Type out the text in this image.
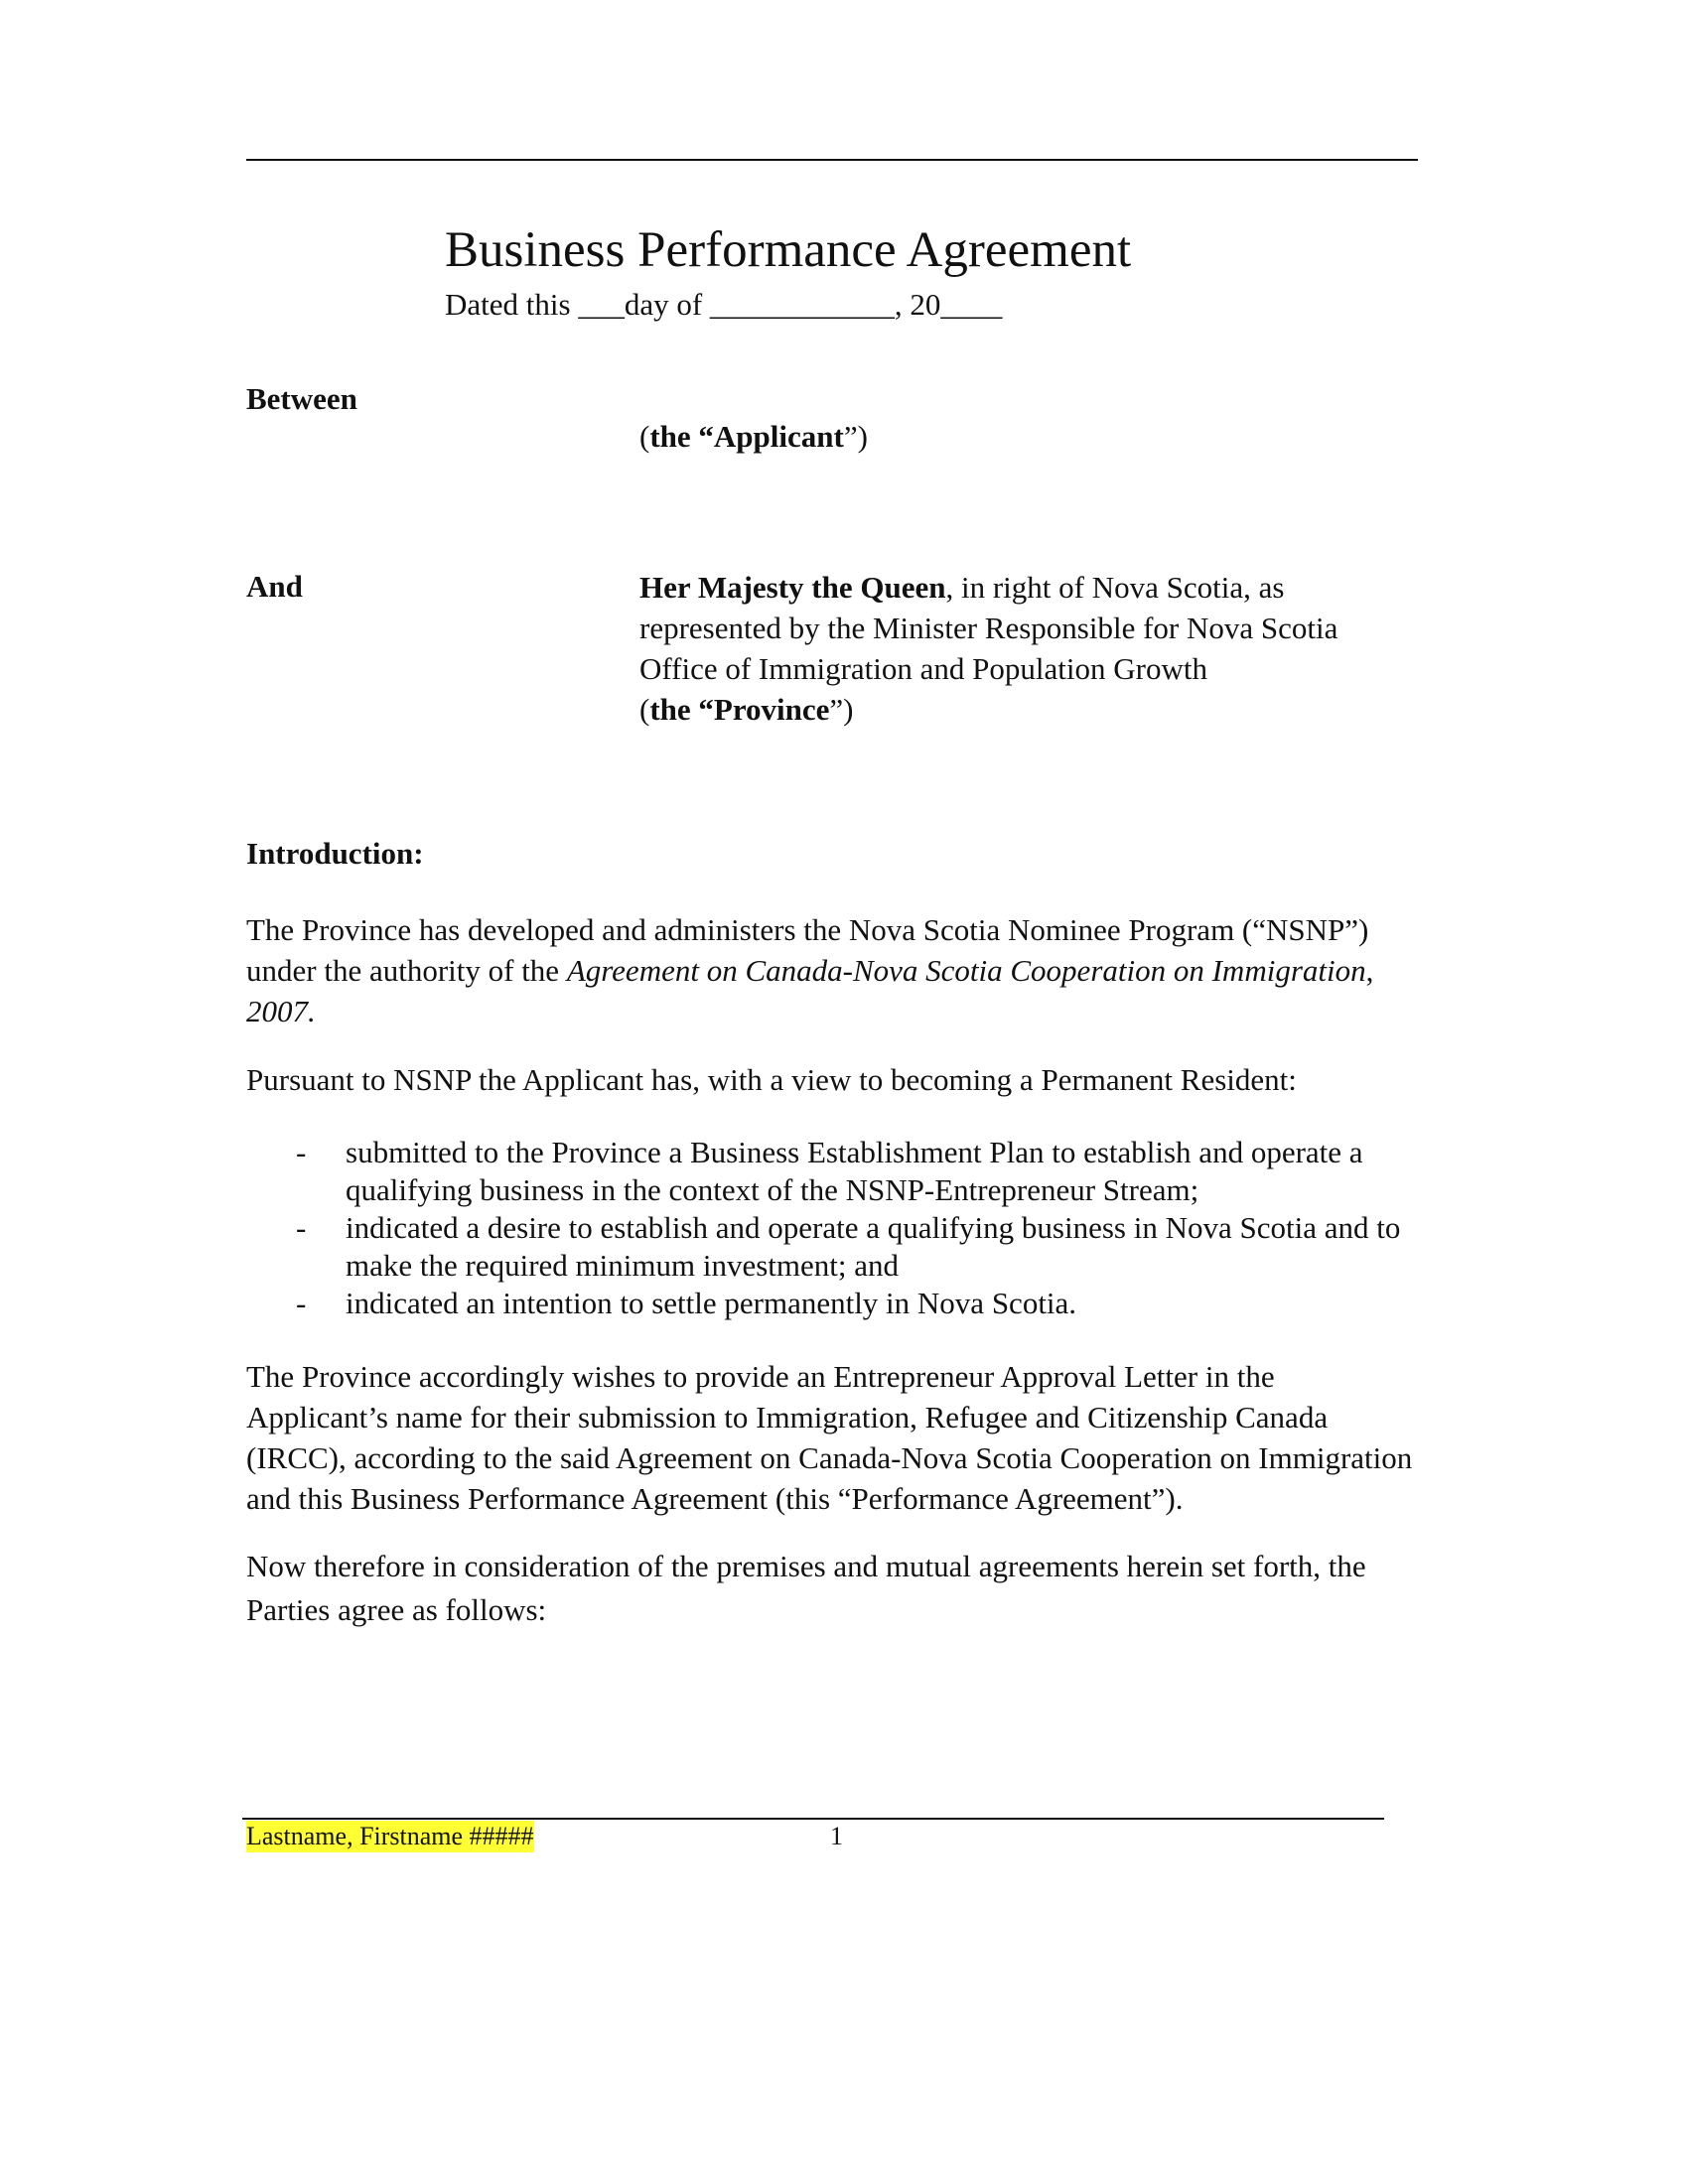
Business Performance Agreement
Dated this ___day of ____________, 20____
Between
(the “Applicant”)
And	Her Majesty the Queen, in right of Nova Scotia, as represented by the Minister Responsible for Nova Scotia Office of Immigration and Population Growth
(the “Province”)
Introduction:
The Province has developed and administers the Nova Scotia Nominee Program (“NSNP”) under the authority of the Agreement on Canada-Nova Scotia Cooperation on Immigration, 2007.
Pursuant to NSNP the Applicant has, with a view to becoming a Permanent Resident:
- submitted to the Province a Business Establishment Plan to establish and operate a qualifying business in the context of the NSNP-Entrepreneur Stream;
- indicated a desire to establish and operate a qualifying business in Nova Scotia and to make the required minimum investment; and
- indicated an intention to settle permanently in Nova Scotia.
The Province accordingly wishes to provide an Entrepreneur Approval Letter in the Applicant’s name for their submission to Immigration, Refugee and Citizenship Canada (IRCC), according to the said Agreement on Canada-Nova Scotia Cooperation on Immigration and this Business Performance Agreement (this “Performance Agreement”).
Now therefore in consideration of the premises and mutual agreements herein set forth, the Parties agree as follows:
Lastname, Firstname #####	1
